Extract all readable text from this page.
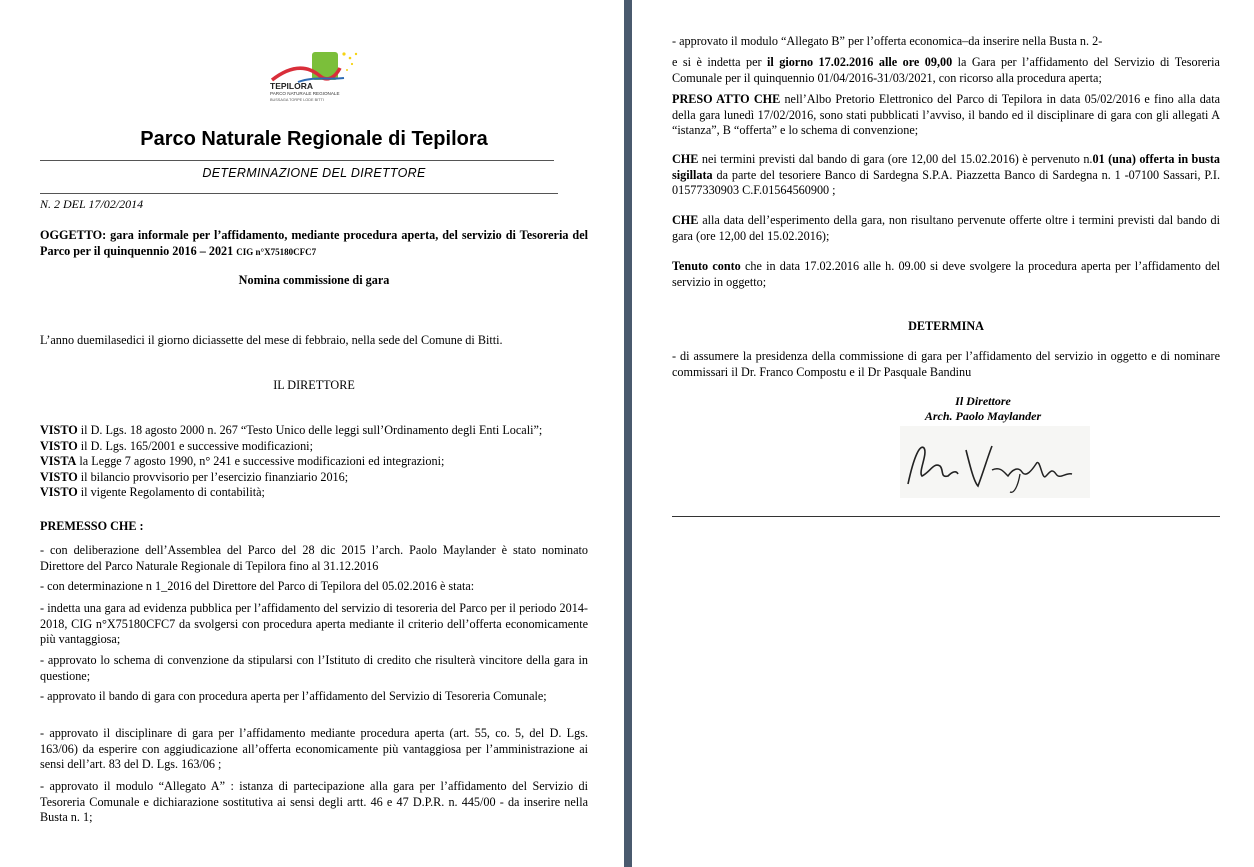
TEPILORA
PARCO NATURALE REGIONALE
BUSSAGA TORPE LODE BITTI
Parco Naturale Regionale di Tepilora
DETERMINAZIONE DEL DIRETTORE
N. 2 DEL 17/02/2014

OGGETTO: gara informale per l’affidamento, mediante procedura aperta, del servizio di Tesoreria del Parco per il quinquennio 2016 – 2021 CIG n°X75180CFC7

Nomina commissione di gara

L’anno duemilasedici il giorno diciassette del mese di febbraio, nella sede del Comune di Bitti.

IL DIRETTORE

VISTO il D. Lgs. 18 agosto 2000 n. 267 “Testo Unico delle leggi sull’Ordinamento degli Enti Locali”;

VISTO il D. Lgs. 165/2001 e successive modificazioni;

VISTA la Legge 7 agosto 1990, n° 241 e successive modificazioni ed integrazioni;

VISTO il bilancio provvisorio per l’esercizio finanziario 2016;

VISTO il vigente Regolamento di contabilità;

PREMESSO CHE :

- con deliberazione dell’Assemblea del Parco del 28 dic 2015 l’arch. Paolo Maylander è stato nominato Direttore del Parco Naturale Regionale di Tepilora fino al 31.12.2016

- con determinazione n 1_2016 del Direttore del Parco di Tepilora del 05.02.2016 è stata:

- indetta una gara ad evidenza pubblica per l’affidamento del servizio di tesoreria del Parco per il periodo 2014-2018, CIG n°X75180CFC7 da svolgersi con procedura aperta mediante il criterio dell’offerta economicamente più vantaggiosa;

- approvato lo schema di convenzione da stipularsi con l’Istituto di credito che risulterà vincitore della gara in questione;

- approvato il bando di gara con procedura aperta per l’affidamento del Servizio di Tesoreria Comunale;

- approvato il disciplinare di gara per l’affidamento mediante procedura aperta (art. 55, co. 5, del D. Lgs. 163/06) da esperire con aggiudicazione all’offerta economicamente più vantaggiosa per l’amministrazione ai sensi dell’art. 83 del D. Lgs. 163/06 ;

- approvato il modulo “Allegato A” : istanza di partecipazione alla gara per l’affidamento del Servizio di Tesoreria Comunale e dichiarazione sostitutiva ai sensi degli artt. 46 e 47 D.P.R. n. 445/00 - da inserire nella Busta n. 1;

- approvato il modulo “Allegato B” per l’offerta economica–da inserire nella Busta n. 2-

e si è indetta per il giorno 17.02.2016 alle ore 09,00 la Gara per l’affidamento del Servizio di Tesoreria Comunale per il quinquennio 01/04/2016-31/03/2021, con ricorso alla procedura aperta;

PRESO ATTO CHE nell’Albo Pretorio Elettronico del Parco di Tepilora in data 05/02/2016 e fino alla data della gara lunedì 17/02/2016, sono stati pubblicati l’avviso, il bando ed il disciplinare di gara con gli allegati A “istanza”, B “offerta” e lo schema di convenzione;

CHE nei termini previsti dal bando di gara (ore 12,00 del 15.02.2016) è pervenuto n.01 (una) offerta in busta sigillata da parte del tesoriere Banco di Sardegna S.P.A. Piazzetta Banco di Sardegna n. 1 -07100 Sassari, P.I. 01577330903 C.F.01564560900 ;

CHE alla data dell’esperimento della gara, non risultano pervenute offerte oltre i termini previsti dal bando di gara (ore 12,00 del 15.02.2016);

Tenuto conto che in data 17.02.2016 alle h. 09.00 si deve svolgere la procedura aperta per l’affidamento del servizio in oggetto;

DETERMINA

- di assumere la presidenza della commissione di gara per l’affidamento del servizio in oggetto e di nominare commissari il Dr. Franco Compostu e il Dr Pasquale Bandinu

Il Direttore
Arch. Paolo Maylander
